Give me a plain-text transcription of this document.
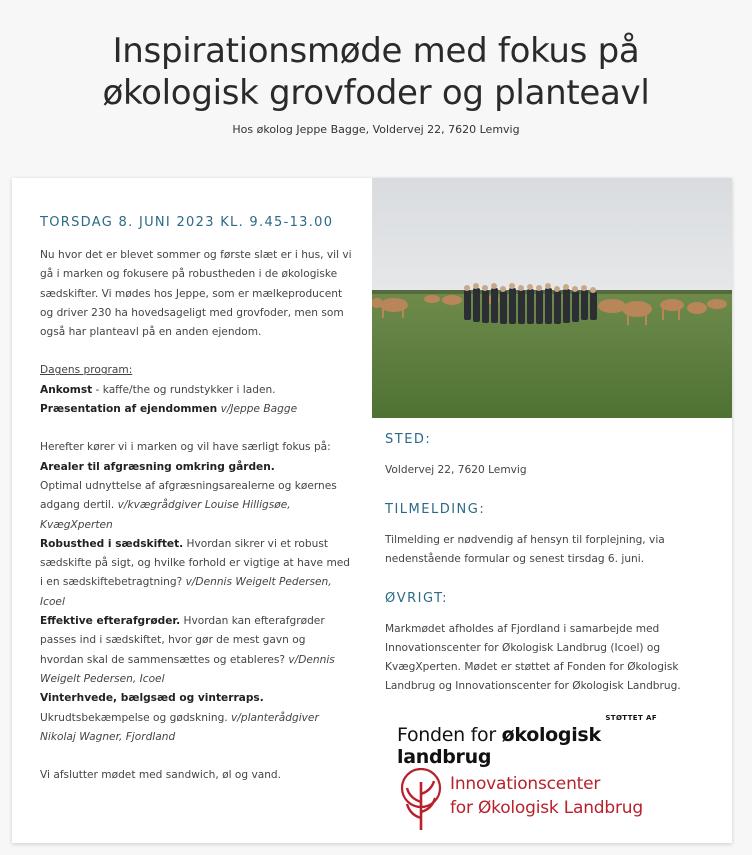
Inspirationsmøde med fokus på økologisk grovfoder og planteavl
Hos økolog Jeppe Bagge, Voldervej 22, 7620 Lemvig
TORSDAG 8. JUNI 2023 KL. 9.45-13.00

Nu hvor det er blevet sommer og første slæt er i hus, vil vi gå i marken og fokusere på robustheden i de økologiske sædskifter. Vi mødes hos Jeppe, som er mælkeproducent og driver 230 ha hovedsageligt med grovfoder, men som også har planteavl på en anden ejendom.

Dagens program:
Ankomst - kaffe/the og rundstykker i laden.
Præsentation af ejendommen v/Jeppe Bagge

Herefter kører vi i marken og vil have særligt fokus på:
Arealer til afgræsning omkring gården.
Optimal udnyttelse af afgræsningsarealerne og køernes adgang dertil. v/kvægrådgiver Louise Hilligsøe, KvægXperten
Robusthed i sædskiftet. Hvordan sikrer vi et robust sædskifte på sigt, og hvilke forhold er vigtige at have med i en sædskiftebetragtning? v/Dennis Weigelt Pedersen, Icoel
Effektive efterafgrøder. Hvordan kan efterafgrøder passes ind i sædskiftet, hvor gør de mest gavn og hvordan skal de sammensættes og etableres? v/Dennis Weigelt Pedersen, Icoel
Vinterhvede, bælgsæd og vinterraps.
Ukrudtsbekæmpelse og gødskning. v/planterådgiver Nikolaj Wagner, Fjordland

Vi afslutter mødet med sandwich, øl og vand.

STED:

Voldervej 22, 7620 Lemvig

TILMELDING:

Tilmelding er nødvendig af hensyn til forplejning, via nedenstående formular og senest tirsdag 6. juni.

ØVRIGT:

Markmødet afholdes af Fjordland i samarbejde med Innovationscenter for Økologisk Landbrug (Icoel) og KvægXperten. Mødet er støttet af Fonden for Økologisk Landbrug og Innovationscenter for Økologisk Landbrug.

STØTTET AF
Fonden for økologisk landbrug
Innovationscenter
for Økologisk Landbrug
